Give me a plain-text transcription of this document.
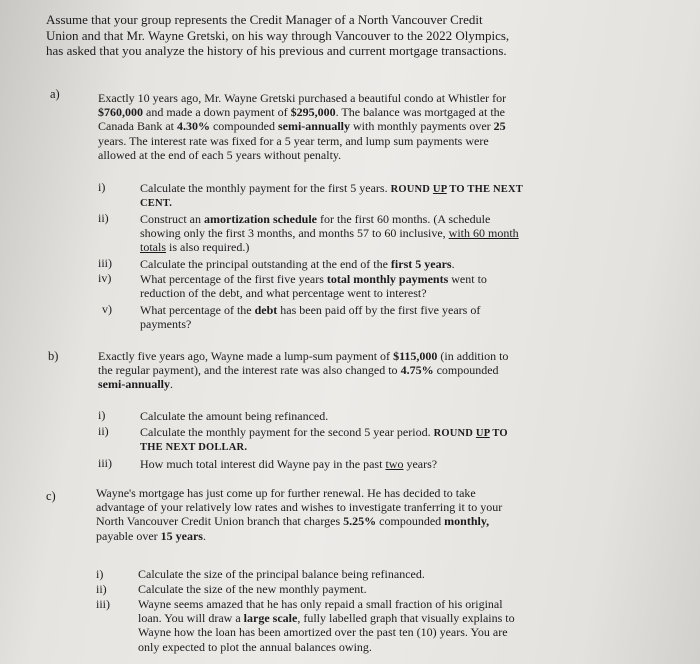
Assume that your group represents the Credit Manager of a North Vancouver Credit
Union and that Mr. Wayne Gretski, on his way through Vancouver to the 2022 Olympics,
has asked that you analyze the history of his previous and current mortgage transactions.
a)	Exactly 10 years ago, Mr. Wayne Gretski purchased a beautiful condo at Whistler for
$760,000 and made a down payment of $295,000. The balance was mortgaged at the
Canada Bank at 4.30% compounded semi-annually with monthly payments over 25
years. The interest rate was fixed for a 5 year term, and lump sum payments were
allowed at the end of each 5 years without penalty.
i)	Calculate the monthly payment for the first 5 years. ROUND UP TO THE NEXT
CENT.
ii)	Construct an amortization schedule for the first 60 months. (A schedule
showing only the first 3 months, and months 57 to 60 inclusive, with 60 month
totals is also required.)
iii) Calculate the principal outstanding at the end of the first 5 years.
iv) What percentage of the first five years total monthly payments went to
reduction of the debt, and what percentage went to interest?
v) What percentage of the debt has been paid off by the first five years of
payments?
b)	Exactly five years ago, Wayne made a lump-sum payment of $115,000 (in addition to
the regular payment), and the interest rate was also changed to 4.75% compounded
semi-annually.
i)	Calculate the amount being refinanced.
ii)	Calculate the monthly payment for the second 5 year period. ROUND UP TO
THE NEXT DOLLAR.
iii) How much total interest did Wayne pay in the past two years?
c)	Wayne's mortgage has just come up for further renewal. He has decided to take
advantage of your relatively low rates and wishes to investigate tranferring it to your
North Vancouver Credit Union branch that charges 5.25% compounded monthly,
payable over 15 years.
i)	Calculate the size of the principal balance being refinanced.
ii)	Calculate the size of the new monthly payment.
iii) Wayne seems amazed that he has only repaid a small fraction of his original
loan. You will draw a large scale, fully labelled graph that visually explains to
Wayne how the loan has been amortized over the past ten (10) years. You are
only expected to plot the annual balances owing.
